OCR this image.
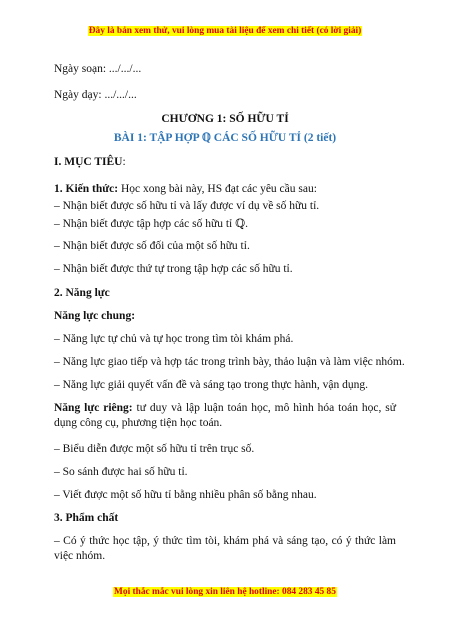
Đây là bản xem thử, vui lòng mua tài liệu để xem chi tiết (có lời giải)
Ngày soạn: .../.../...
Ngày dạy: .../.../...
CHƯƠNG 1: SỐ HỮU TỈ
BÀI 1: TẬP HỢP ℚ CÁC SỐ HỮU TỈ (2 tiết)
I. MỤC TIÊU:
1. Kiến thức: Học xong bài này, HS đạt các yêu cầu sau:
– Nhận biết được số hữu tỉ và lấy được ví dụ về số hữu tỉ.
– Nhận biết được tập hợp các số hữu tỉ ℚ.
– Nhận biết được số đối của một số hữu tỉ.
– Nhận biết được thứ tự trong tập hợp các số hữu tỉ.
2. Năng lực
Năng lực chung:
– Năng lực tự chủ và tự học trong tìm tòi khám phá.
– Năng lực giao tiếp và hợp tác trong trình bày, thảo luận và làm việc nhóm.
– Năng lực giải quyết vấn đề và sáng tạo trong thực hành, vận dụng.
Năng lực riêng: tư duy và lập luận toán học, mô hình hóa toán học, sử dụng công cụ, phương tiện học toán.
– Biểu diễn được một số hữu tỉ trên trục số.
– So sánh được hai số hữu tỉ.
– Viết được một số hữu tỉ bằng nhiều phân số bằng nhau.
3. Phẩm chất
– Có ý thức học tập, ý thức tìm tòi, khám phá và sáng tạo, có ý thức làm việc nhóm.
Mọi thắc mắc vui lòng xin liên hệ hotline: 084 283 45 85
